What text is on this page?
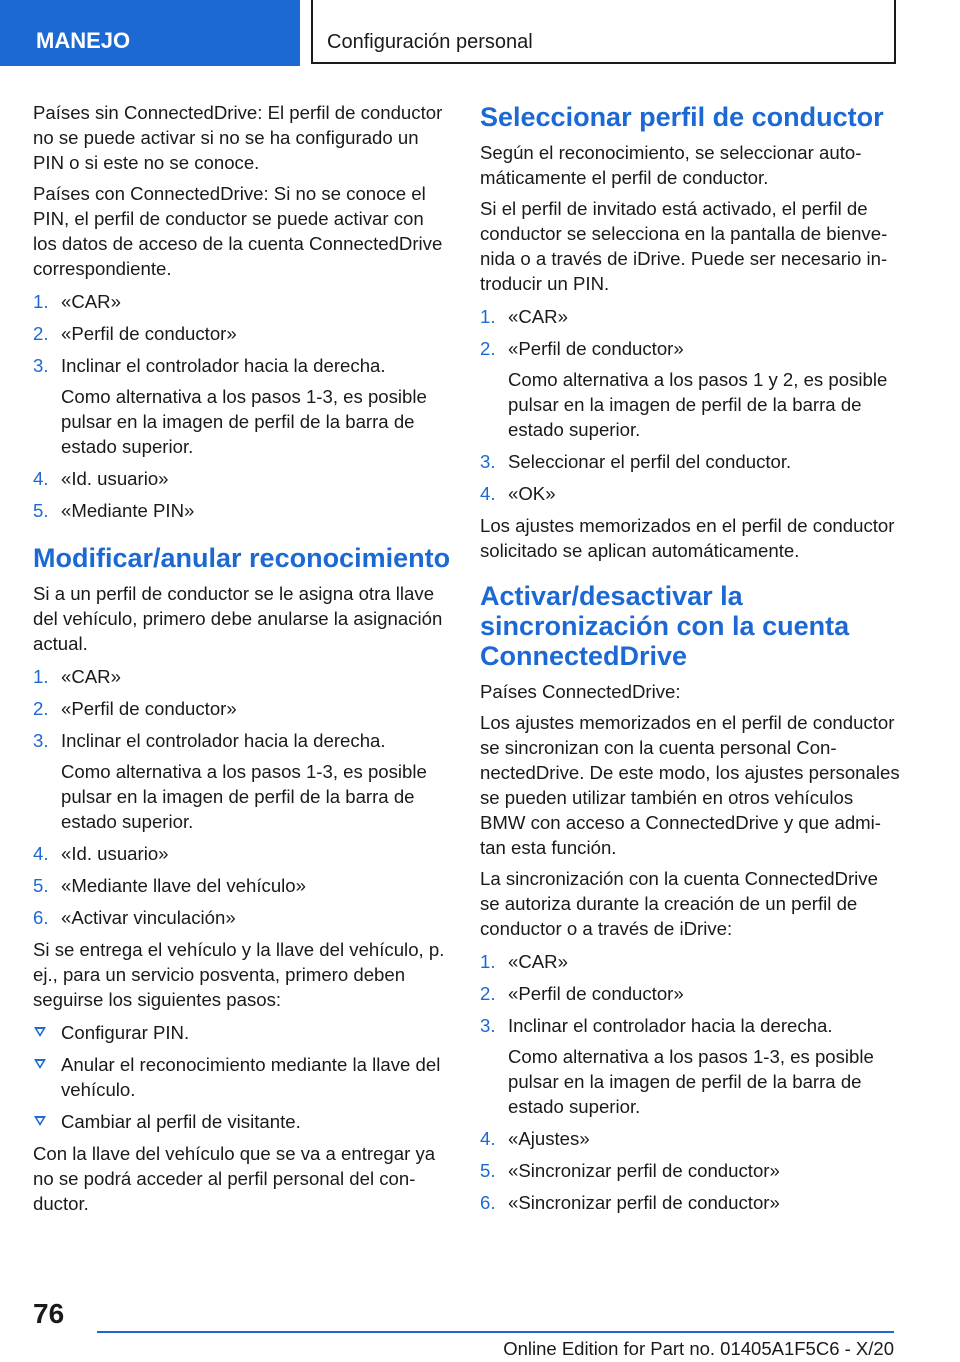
MANEJO	Configuración personal

Países sin ConnectedDrive: El perfil de conductor no se puede activar si no se ha configurado un PIN o si este no se conoce.

Países con ConnectedDrive: Si no se conoce el PIN, el perfil de conductor se puede activar con los datos de acceso de la cuenta ConnectedDrive correspondiente.

1. «CAR»
2. «Perfil de conductor»
3. Inclinar el controlador hacia la derecha.
Como alternativa a los pasos 1-3, es posible pulsar en la imagen de perfil de la barra de estado superior.
4. «Id. usuario»
5. «Mediante PIN»
Modificar/anular reconocimiento

Si a un perfil de conductor se le asigna otra llave del vehículo, primero debe anularse la asignación actual.

1. «CAR»
2. «Perfil de conductor»
3. Inclinar el controlador hacia la derecha.
Como alternativa a los pasos 1-3, es posible pulsar en la imagen de perfil de la barra de estado superior.
4. «Id. usuario»
5. «Mediante llave del vehículo»
6. «Activar vinculación»

Si se entrega el vehículo y la llave del vehículo, p. ej., para un servicio posventa, primero deben seguirse los siguientes pasos:

Configurar PIN.
Anular el reconocimiento mediante la llave del vehículo.
Cambiar al perfil de visitante.

Con la llave del vehículo que se va a entregar ya no se podrá acceder al perfil personal del conductor.

Seleccionar perfil de conductor

Según el reconocimiento, se seleccionar automáticamente el perfil de conductor.

Si el perfil de invitado está activado, el perfil de conductor se selecciona en la pantalla de bienvenida o a través de iDrive. Puede ser necesario introducir un PIN.

1. «CAR»
2. «Perfil de conductor»
Como alternativa a los pasos 1 y 2, es posible pulsar en la imagen de perfil de la barra de estado superior.
3. Seleccionar el perfil del conductor.
4. «OK»

Los ajustes memorizados en el perfil de conductor solicitado se aplican automáticamente.

Activar/desactivar la sincronización con la cuenta ConnectedDrive

Países ConnectedDrive:

Los ajustes memorizados en el perfil de conductor se sincronizan con la cuenta personal ConnectedDrive. De este modo, los ajustes personales se pueden utilizar también en otros vehículos BMW con acceso a ConnectedDrive y que admitan esta función.

La sincronización con la cuenta ConnectedDrive se autoriza durante la creación de un perfil de conductor o a través de iDrive:

1. «CAR»
2. «Perfil de conductor»
3. Inclinar el controlador hacia la derecha.
Como alternativa a los pasos 1-3, es posible pulsar en la imagen de perfil de la barra de estado superior.
4. «Ajustes»
5. «Sincronizar perfil de conductor»
6. «Sincronizar perfil de conductor»
76
Online Edition for Part no. 01405A1F5C6 - X/20
